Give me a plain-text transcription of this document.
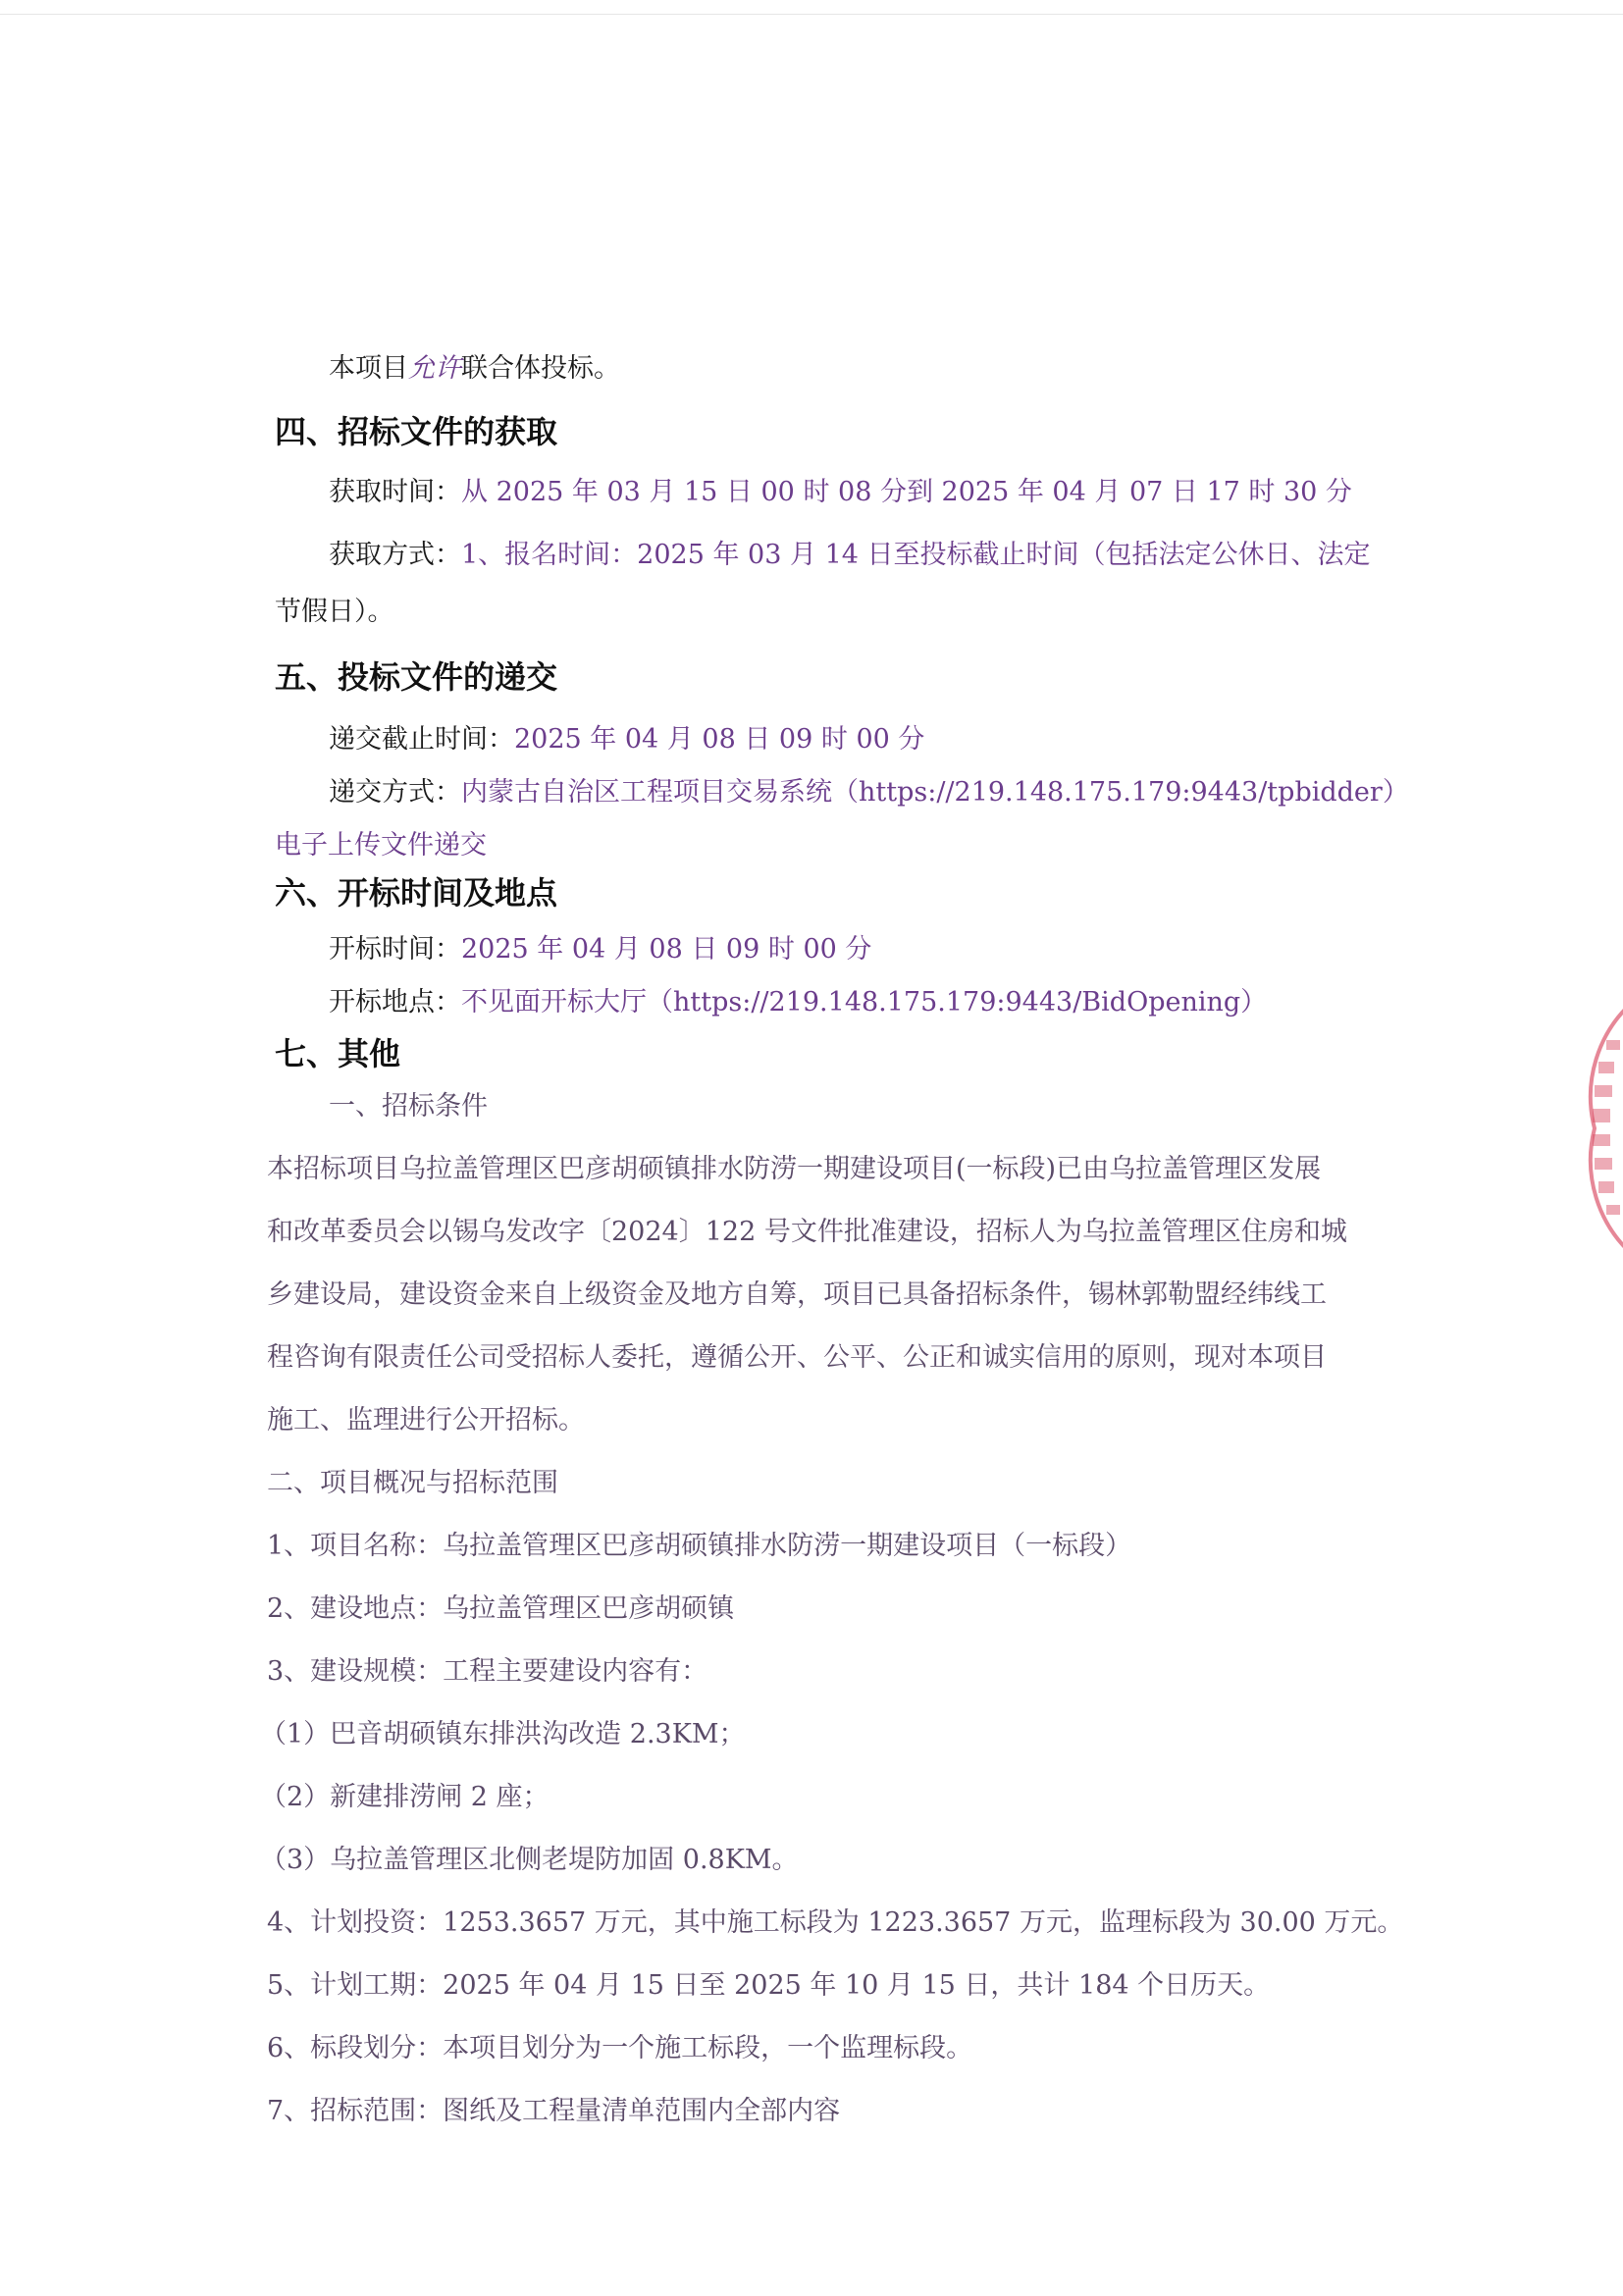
本项目允许联合体投标。
四、招标文件的获取
获取时间：从 2025 年 03 月 15 日 00 时 08 分到 2025 年 04 月 07 日 17 时 30 分
获取方式：1、报名时间：2025 年 03 月 14 日至投标截止时间（包括法定公休日、法定
节假日）。
五、投标文件的递交
递交截止时间：2025 年 04 月 08 日 09 时 00 分
递交方式：内蒙古自治区工程项目交易系统（https://219.148.175.179:9443/tpbidder）
电子上传文件递交
六、开标时间及地点
开标时间：2025 年 04 月 08 日 09 时 00 分
开标地点：不见面开标大厅（https://219.148.175.179:9443/BidOpening）
七、其他
一、招标条件
本招标项目乌拉盖管理区巴彦胡硕镇排水防涝一期建设项目(一标段)已由乌拉盖管理区发展
和改革委员会以锡乌发改字〔2024〕122 号文件批准建设，招标人为乌拉盖管理区住房和城
乡建设局，建设资金来自上级资金及地方自筹，项目已具备招标条件，锡林郭勒盟经纬线工
程咨询有限责任公司受招标人委托，遵循公开、公平、公正和诚实信用的原则，现对本项目
施工、监理进行公开招标。
二、项目概况与招标范围
1、项目名称：乌拉盖管理区巴彦胡硕镇排水防涝一期建设项目（一标段）
2、建设地点：乌拉盖管理区巴彦胡硕镇
3、建设规模：工程主要建设内容有：
（1）巴音胡硕镇东排洪沟改造 2.3KM；
（2）新建排涝闸 2 座；
（3）乌拉盖管理区北侧老堤防加固 0.8KM。
4、计划投资：1253.3657 万元，其中施工标段为 1223.3657 万元，监理标段为 30.00 万元。
5、计划工期：2025 年 04 月 15 日至 2025 年 10 月 15 日，共计 184 个日历天。
6、标段划分：本项目划分为一个施工标段，一个监理标段。
7、招标范围：图纸及工程量清单范围内全部内容
